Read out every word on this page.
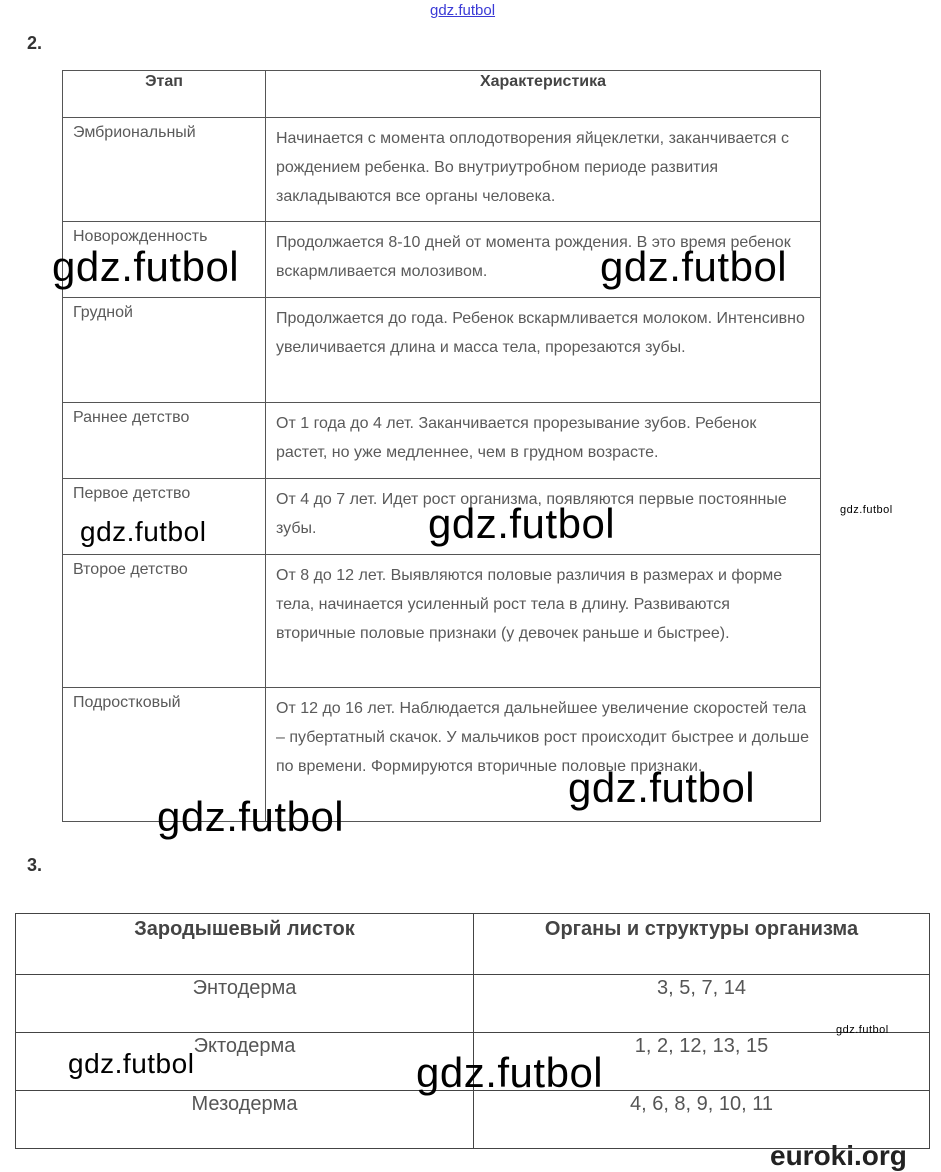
gdz.futbol
2.
Этап	Характеристика
Эмбриональный	Начинается с момента оплодотворения яйцеклетки, заканчивается с рождением ребенка. Во внутриутробном периоде развития закладываются все органы человека.
Новорожденность	Продолжается 8-10 дней от момента рождения. В это время ребенок вскармливается молозивом.
Грудной	Продолжается до года. Ребенок вскармливается молоком. Интенсивно увеличивается длина и масса тела, прорезаются зубы.
Раннее детство	От 1 года до 4 лет. Заканчивается прорезывание зубов. Ребенок растет, но уже медленнее, чем в грудном возрасте.
Первое детство	От 4 до 7 лет. Идет рост организма, появляются первые постоянные зубы.
Второе детство	От 8 до 12 лет. Выявляются половые различия в размерах и форме тела, начинается усиленный рост тела в длину. Развиваются вторичные половые признаки (у девочек раньше и быстрее).
Подростковый	От 12 до 16 лет. Наблюдается дальнейшее увеличение скоростей тела – пубертатный скачок. У мальчиков рост происходит быстрее и дольше по времени. Формируются вторичные половые признаки.
3.
Зародышевый листок	Органы и структуры организма
Энтодерма	3, 5, 7, 14
Эктодерма	1, 2, 12, 13, 15
Мезодерма	4, 6, 8, 9, 10, 11
gdz.futbol	gdz.futbol
gdz.futbol	gdz.futbol	gdz.futbol
gdz.futbol
gdz.futbol
gdz.futbol
gdz.futbol	gdz.futbol
euroki.org
